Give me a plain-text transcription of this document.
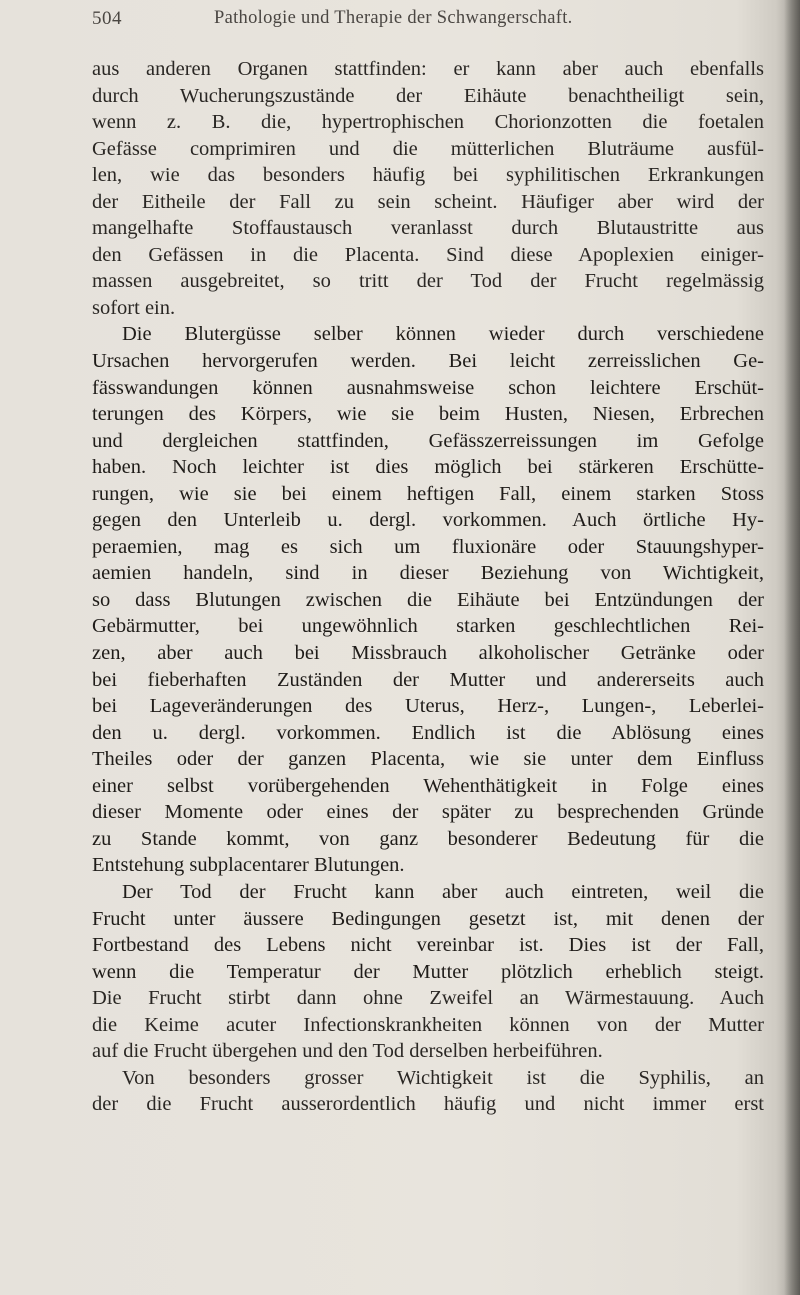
504	Pathologie und Therapie der Schwangerschaft.
aus anderen Organen stattfinden: er kann aber auch ebenfalls
durch Wucherungszustände der Eihäute benachtheiligt sein,
wenn z. B. die, hypertrophischen Chorionzotten die foetalen
Gefässe comprimiren und die mütterlichen Bluträume ausfül-
len, wie das besonders häufig bei syphilitischen Erkrankungen
der Eitheile der Fall zu sein scheint. Häufiger aber wird der
mangelhafte Stoffaustausch veranlasst durch Blutaustritte aus
den Gefässen in die Placenta. Sind diese Apoplexien einiger-
massen ausgebreitet, so tritt der Tod der Frucht regelmässig
sofort ein.
Die Blutergüsse selber können wieder durch verschiedene
Ursachen hervorgerufen werden. Bei leicht zerreisslichen Ge-
fässwandungen können ausnahmsweise schon leichtere Erschüt-
terungen des Körpers, wie sie beim Husten, Niesen, Erbrechen
und dergleichen stattfinden, Gefässzerreissungen im Gefolge
haben. Noch leichter ist dies möglich bei stärkeren Erschütte-
rungen, wie sie bei einem heftigen Fall, einem starken Stoss
gegen den Unterleib u. dergl. vorkommen. Auch örtliche Hy-
peraemien, mag es sich um fluxionäre oder Stauungshyper-
aemien handeln, sind in dieser Beziehung von Wichtigkeit,
so dass Blutungen zwischen die Eihäute bei Entzündungen der
Gebärmutter, bei ungewöhnlich starken geschlechtlichen Rei-
zen, aber auch bei Missbrauch alkoholischer Getränke oder
bei fieberhaften Zuständen der Mutter und andererseits auch
bei Lageveränderungen des Uterus, Herz-, Lungen-, Leberlei-
den u. dergl. vorkommen. Endlich ist die Ablösung eines
Theiles oder der ganzen Placenta, wie sie unter dem Einfluss
einer selbst vorübergehenden Wehenthätigkeit in Folge eines
dieser Momente oder eines der später zu besprechenden Gründe
zu Stande kommt, von ganz besonderer Bedeutung für die
Entstehung subplacentarer Blutungen.
Der Tod der Frucht kann aber auch eintreten, weil die
Frucht unter äussere Bedingungen gesetzt ist, mit denen der
Fortbestand des Lebens nicht vereinbar ist. Dies ist der Fall,
wenn die Temperatur der Mutter plötzlich erheblich steigt.
Die Frucht stirbt dann ohne Zweifel an Wärmestauung. Auch
die Keime acuter Infectionskrankheiten können von der Mutter
auf die Frucht übergehen und den Tod derselben herbeiführen.
Von besonders grosser Wichtigkeit ist die Syphilis, an
der die Frucht ausserordentlich häufig und nicht immer erst
